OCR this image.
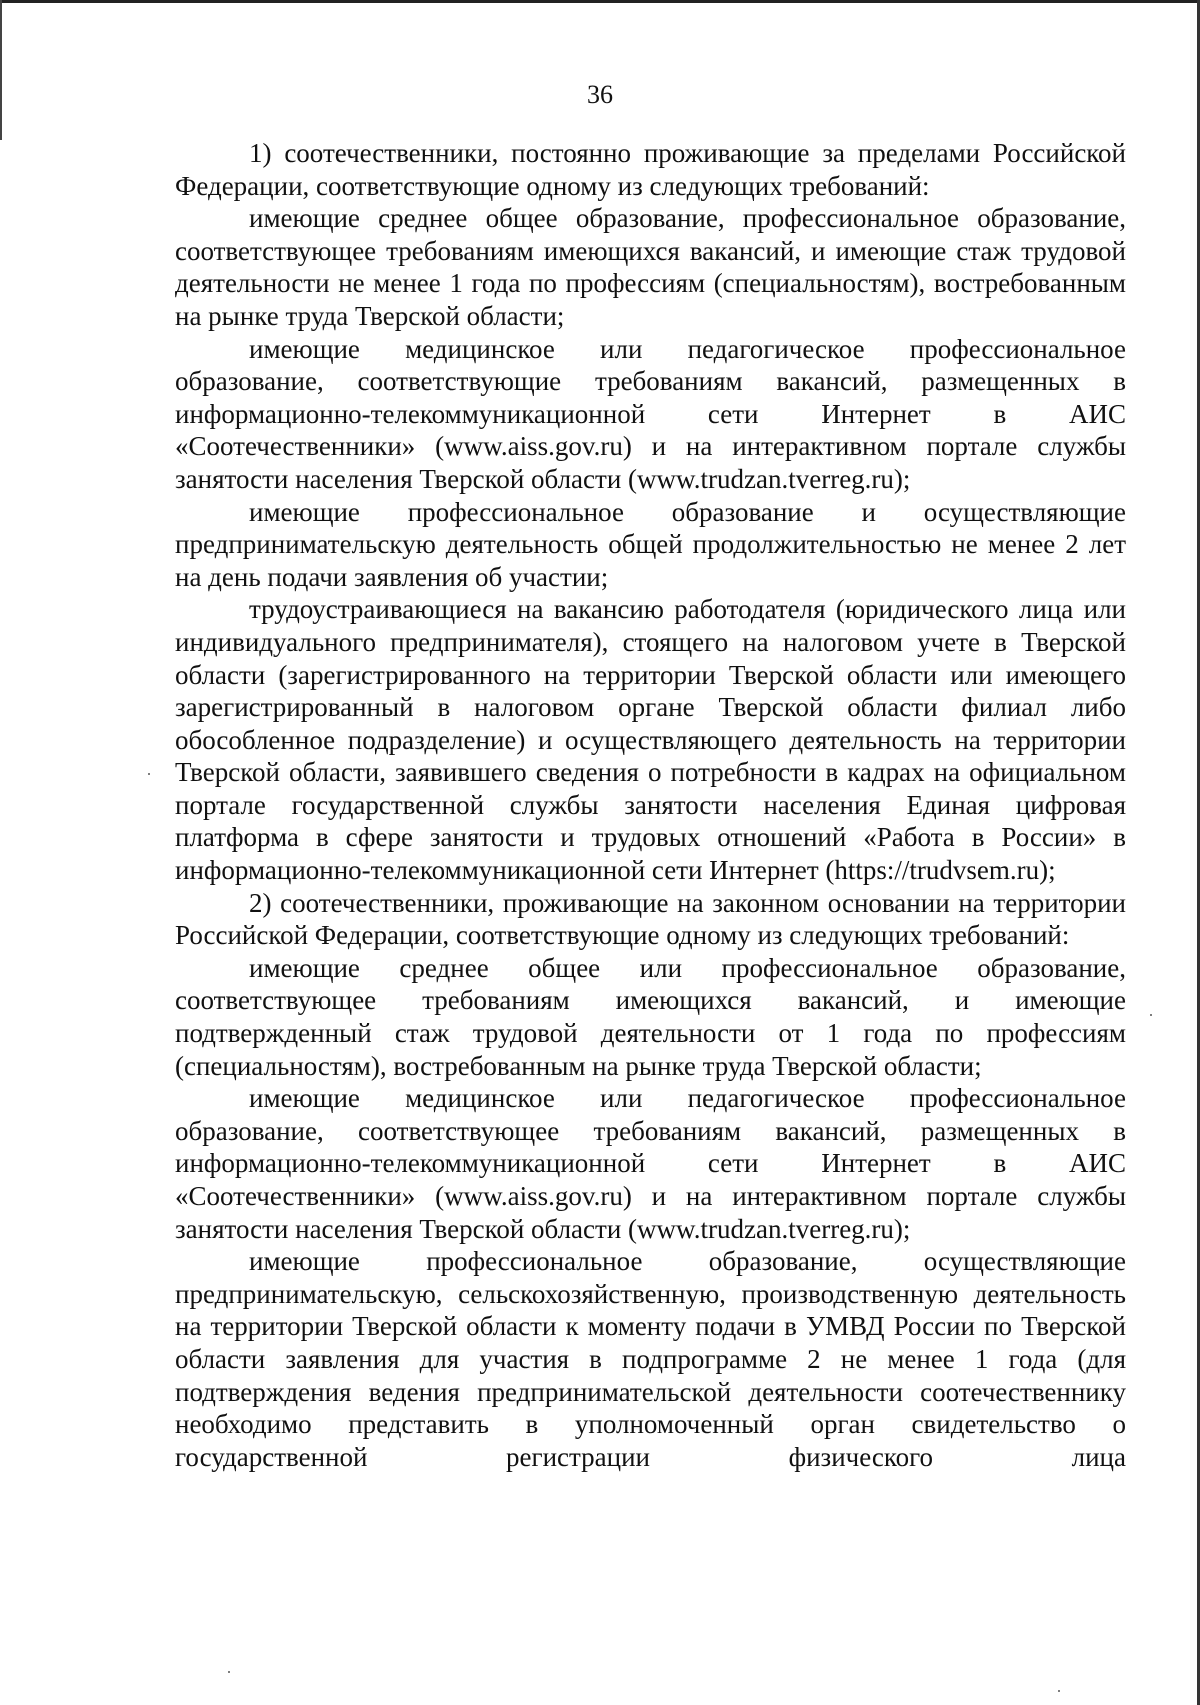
36

1) соотечественники, постоянно проживающие за пределами Российской Федерации, соответствующие одному из следующих требований:

имеющие среднее общее образование, профессиональное образование, соответствующее требованиям имеющихся вакансий, и имеющие стаж трудовой деятельности не менее 1 года по профессиям (специальностям), востребованным на рынке труда Тверской области;

имеющие медицинское или педагогическое профессиональное образование, соответствующие требованиям вакансий, размещенных в информационно-телекоммуникационной сети Интернет в АИС «Соотечественники» (www.aiss.gov.ru) и на интерактивном портале службы занятости населения Тверской области (www.trudzan.tverreg.ru);

имеющие профессиональное образование и осуществляющие предпринимательскую деятельность общей продолжительностью не менее 2 лет на день подачи заявления об участии;

трудоустраивающиеся на вакансию работодателя (юридического лица или индивидуального предпринимателя), стоящего на налоговом учете в Тверской области (зарегистрированного на территории Тверской области или имеющего зарегистрированный в налоговом органе Тверской области филиал либо обособленное подразделение) и осуществляющего деятельность на территории Тверской области, заявившего сведения о потребности в кадрах на официальном портале государственной службы занятости населения Единая цифровая платформа в сфере занятости и трудовых отношений «Работа в России» в информационно-телекоммуникационной сети Интернет (https://trudvsem.ru);

2) соотечественники, проживающие на законном основании на территории Российской Федерации, соответствующие одному из следующих требований:

имеющие среднее общее или профессиональное образование, соответствующее требованиям имеющихся вакансий, и имеющие подтвержденный стаж трудовой деятельности от 1 года по профессиям (специальностям), востребованным на рынке труда Тверской области;

имеющие медицинское или педагогическое профессиональное образование, соответствующее требованиям вакансий, размещенных в информационно-телекоммуникационной сети Интернет в АИС «Соотечественники» (www.aiss.gov.ru) и на интерактивном портале службы занятости населения Тверской области (www.trudzan.tverreg.ru);

имеющие профессиональное образование, осуществляющие предпринимательскую, сельскохозяйственную, производственную деятельность на территории Тверской области к моменту подачи в УМВД России по Тверской области заявления для участия в подпрограмме 2 не менее 1 года (для подтверждения ведения предпринимательской деятельности соотечественнику необходимо представить в уполномоченный орган свидетельство о государственной регистрации физического лица
